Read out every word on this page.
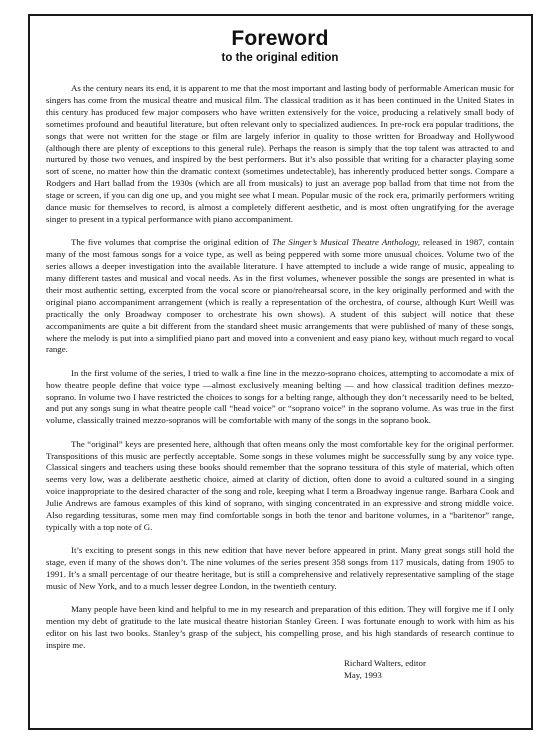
Foreword
to the original edition

As the century nears its end, it is apparent to me that the most important and lasting body of performable American music for singers has come from the musical theatre and musical film. The classical tradition as it has been continued in the United States in this century has produced few major composers who have written extensively for the voice, producing a relatively small body of sometimes profound and beautiful literature, but often relevant only to specialized audiences. In pre-rock era popular traditions, the songs that were not written for the stage or film are largely inferior in quality to those written for Broadway and Hollywood (although there are plenty of exceptions to this general rule). Perhaps the reason is simply that the top talent was attracted to and nurtured by those two venues, and inspired by the best performers. But it’s also possible that writing for a character playing some sort of scene, no matter how thin the dramatic context (sometimes undetectable), has inherently produced better songs. Compare a Rodgers and Hart ballad from the 1930s (which are all from musicals) to just an average pop ballad from that time not from the stage or screen, if you can dig one up, and you might see what I mean. Popular music of the rock era, primarily performers writing dance music for themselves to record, is almost a completely different aesthetic, and is most often ungratifying for the average singer to present in a typical performance with piano accompaniment.

The five volumes that comprise the original edition of The Singer’s Musical Theatre Anthology, released in 1987, contain many of the most famous songs for a voice type, as well as being peppered with some more unusual choices. Volume two of the series allows a deeper investigation into the available literature. I have attempted to include a wide range of music, appealing to many different tastes and musical and vocal needs. As in the first volumes, whenever possible the songs are presented in what is their most authentic setting, excerpted from the vocal score or piano/rehearsal score, in the key originally performed and with the original piano accompaniment arrangement (which is really a representation of the orchestra, of course, although Kurt Weill was practically the only Broadway composer to orchestrate his own shows). A student of this subject will notice that these accompaniments are quite a bit different from the standard sheet music arrangements that were published of many of these songs, where the melody is put into a simplified piano part and moved into a convenient and easy piano key, without much regard to vocal range.

In the first volume of the series, I tried to walk a fine line in the mezzo-soprano choices, attempting to accomodate a mix of how theatre people define that voice type —almost exclusively meaning belting — and how classical tradition defines mezzo-soprano. In volume two I have restricted the choices to songs for a belting range, although they don’t necessarily need to be belted, and put any songs sung in what theatre people call “head voice” or “soprano voice” in the soprano volume. As was true in the first volume, classically trained mezzo-sopranos will be comfortable with many of the songs in the soprano book.

The “original” keys are presented here, although that often means only the most comfortable key for the original performer. Transpositions of this music are perfectly acceptable. Some songs in these volumes might be successfully sung by any voice type. Classical singers and teachers using these books should remember that the soprano tessitura of this style of material, which often seems very low, was a deliberate aesthetic choice, aimed at clarity of diction, often done to avoid a cultured sound in a singing voice inappropriate to the desired character of the song and role, keeping what I term a Broadway ingenue range. Barbara Cook and Julie Andrews are famous examples of this kind of soprano, with singing concentrated in an expressive and strong middle voice. Also regarding tessituras, some men may find comfortable songs in both the tenor and baritone volumes, in a “baritenor” range, typically with a top note of G.

It’s exciting to present songs in this new edition that have never before appeared in print. Many great songs still hold the stage, even if many of the shows don’t. The nine volumes of the series present 358 songs from 117 musicals, dating from 1905 to 1991. It’s a small percentage of our theatre heritage, but is still a comprehensive and relatively representative sampling of the stage music of New York, and to a much lesser degree London, in the twentieth century.

Many people have been kind and helpful to me in my research and preparation of this edition. They will forgive me if I only mention my debt of gratitude to the late musical theatre historian Stanley Green. I was fortunate enough to work with him as his editor on his last two books. Stanley’s grasp of the subject, his compelling prose, and his high standards of research continue to inspire me.

Richard Walters, editor
May, 1993
